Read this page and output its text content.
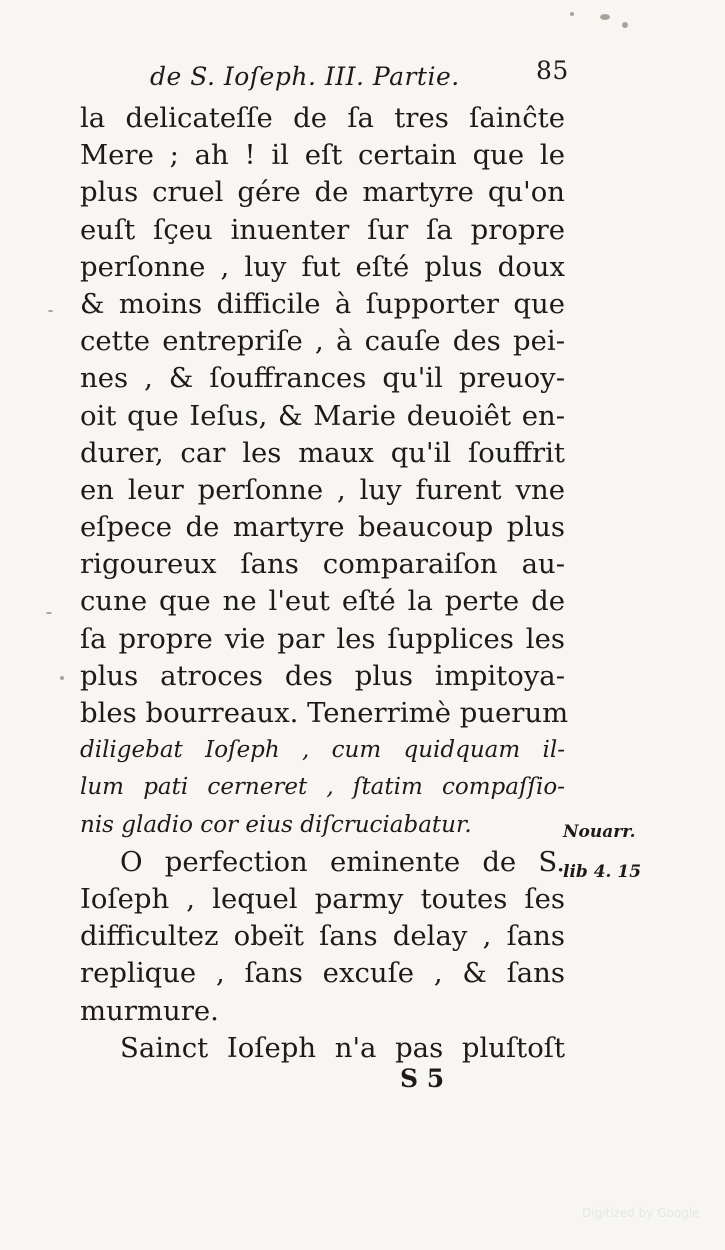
de S. Ioſeph. III. Partie.	85
la delicateſſe de ſa tres ſainĉte
Mere ; ah ! il eſt certain que le
plus cruel gére de martyre qu'on
euſt ſçeu inuenter ſur ſa propre
perſonne , luy fut eſté plus doux
& moins difficile à ſupporter que
cette entrepriſe , à cauſe des pei-
nes , & ſouffrances qu'il preuoy-
oit que Ieſus, & Marie deuoiêt en-
durer, car les maux qu'il ſouffrit
en leur perſonne , luy furent vne
eſpece de martyre beaucoup plus
rigoureux ſans comparaiſon au-
cune que ne l'eut eſté la perte de
ſa propre vie par les ſupplices les
plus atroces des plus impitoya-
bles bourreaux. Tenerrimè puerum
diligebat Ioſeph , cum quidquam il-
lum pati cerneret , ſtatim compaſſio-
nis gladio cor eius diſcruciabatur.
O perfection eminente de S.
Ioſeph , lequel parmy toutes ſes
difficultez obeït ſans delay , ſans
replique , ſans excuſe , & ſans
murmure.
Sainct Ioſeph n'a pas pluſtoſt
Nouarr.
lib 4. 15
S 5
Digitized by Google
